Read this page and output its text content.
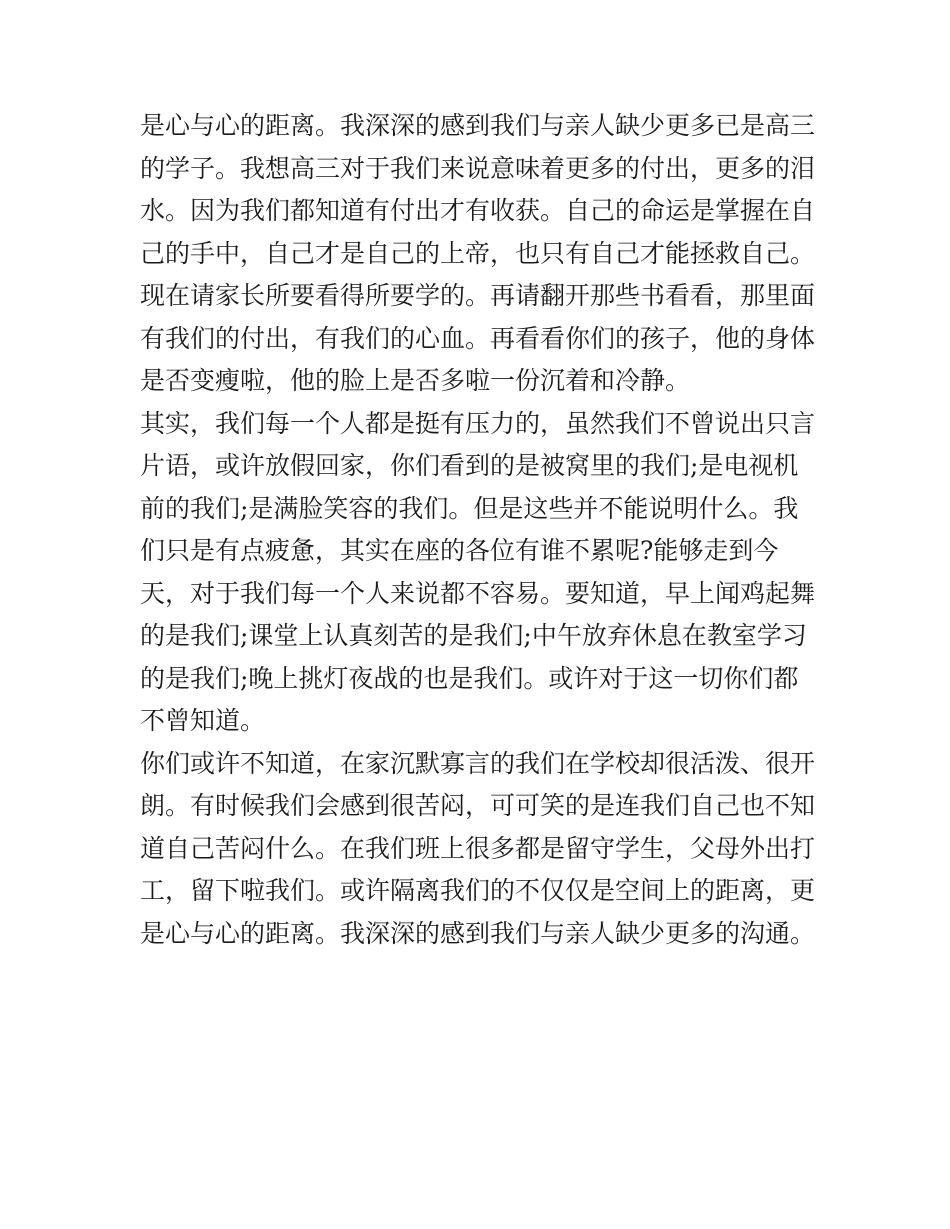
是心与心的距离。我深深的感到我们与亲人缺少更多已是高三
的学子。我想高三对于我们来说意味着更多的付出，更多的泪
水。因为我们都知道有付出才有收获。自己的命运是掌握在自
己的手中，自己才是自己的上帝，也只有自己才能拯救自己。
现在请家长所要看得所要学的。再请翻开那些书看看，那里面
有我们的付出，有我们的心血。再看看你们的孩子，他的身体
是否变瘦啦，他的脸上是否多啦一份沉着和冷静。
其实，我们每一个人都是挺有压力的，虽然我们不曾说出只言
片语，或许放假回家，你们看到的是被窝里的我们;是电视机
前的我们;是满脸笑容的我们。但是这些并不能说明什么。我
们只是有点疲惫，其实在座的各位有谁不累呢?能够走到今
天，对于我们每一个人来说都不容易。要知道，早上闻鸡起舞
的是我们;课堂上认真刻苦的是我们;中午放弃休息在教室学习
的是我们;晚上挑灯夜战的也是我们。或许对于这一切你们都
不曾知道。
你们或许不知道，在家沉默寡言的我们在学校却很活泼、很开
朗。有时候我们会感到很苦闷，可可笑的是连我们自己也不知
道自己苦闷什么。在我们班上很多都是留守学生，父母外出打
工，留下啦我们。或许隔离我们的不仅仅是空间上的距离，更
是心与心的距离。我深深的感到我们与亲人缺少更多的沟通。
